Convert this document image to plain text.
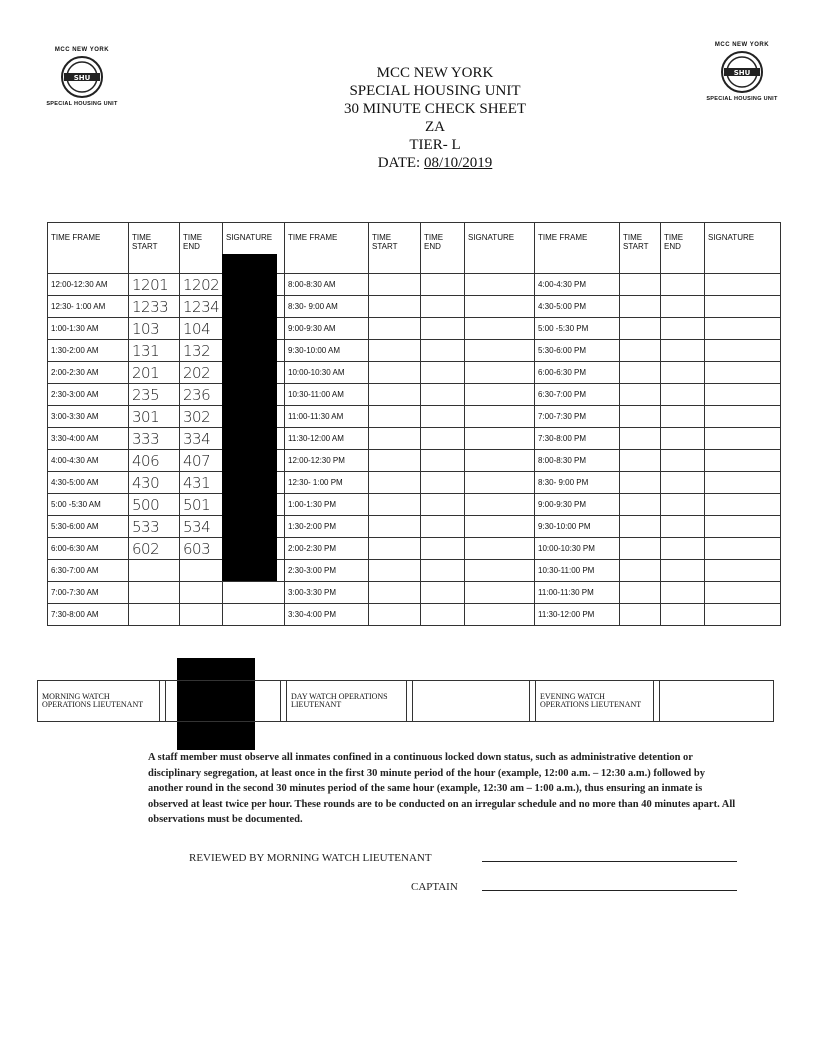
MCC NEW YORK
SHU
SPECIAL HOUSING UNIT
MCC NEW YORK
SHU
SPECIAL HOUSING UNIT
MCC NEW YORK
SPECIAL HOUSING UNIT
30 MINUTE CHECK SHEET
ZA
TIER- L
DATE: 08/10/2019
TIME FRAME	TIME START	TIME END	SIGNATURE	TIME FRAME	TIME START	TIME END	SIGNATURE	TIME FRAME	TIME START	TIME END	SIGNATURE
12:00-12:30 AM	1201	1202		8:00-8:30 AM				4:00-4:30 PM			
12:30- 1:00 AM	1233	1234		8:30- 9:00 AM				4:30-5:00 PM			
1:00-1:30 AM	103	104		9:00-9:30 AM				5:00 -5:30 PM			
1:30-2:00 AM	131	132		9:30-10:00 AM				5:30-6:00 PM			
2:00-2:30 AM	201	202		10:00-10:30 AM				6:00-6:30 PM			
2:30-3:00 AM	235	236		10:30-11:00 AM				6:30-7:00 PM			
3:00-3:30 AM	301	302		11:00-11:30 AM				7:00-7:30 PM			
3:30-4:00 AM	333	334		11:30-12:00 AM				7:30-8:00 PM			
4:00-4:30 AM	406	407		12:00-12:30 PM				8:00-8:30 PM			
4:30-5:00 AM	430	431		12:30- 1:00 PM				8:30- 9:00 PM			
5:00 -5:30 AM	500	501		1:00-1:30 PM				9:00-9:30 PM			
5:30-6:00 AM	533	534		1:30-2:00 PM				9:30-10:00 PM			
6:00-6:30 AM	602	603		2:00-2:30 PM				10:00-10:30 PM			
6:30-7:00 AM				2:30-3:00 PM				10:30-11:00 PM			
7:00-7:30 AM				3:00-3:30 PM				11:00-11:30 PM			
7:30-8:00 AM				3:30-4:00 PM				11:30-12:00 PM			
MORNING WATCH OPERATIONS LIEUTENANT				DAY WATCH OPERATIONS LIEUTENANT				EVENING WATCH OPERATIONS LIEUTENANT		
A staff member must observe all inmates confined in a continuous locked down status, such as administrative detention or disciplinary segregation, at least once in the first 30 minute period of the hour (example, 12:00 a.m. – 12:30 a.m.) followed by another round in the second 30 minutes period of the same hour (example, 12:30 am – 1:00 a.m.), thus ensuring an inmate is observed at least twice per hour. These rounds are to be conducted on an irregular schedule and no more than 40 minutes apart. All observations must be documented.
REVIEWED BY MORNING WATCH LIEUTENANT
CAPTAIN
